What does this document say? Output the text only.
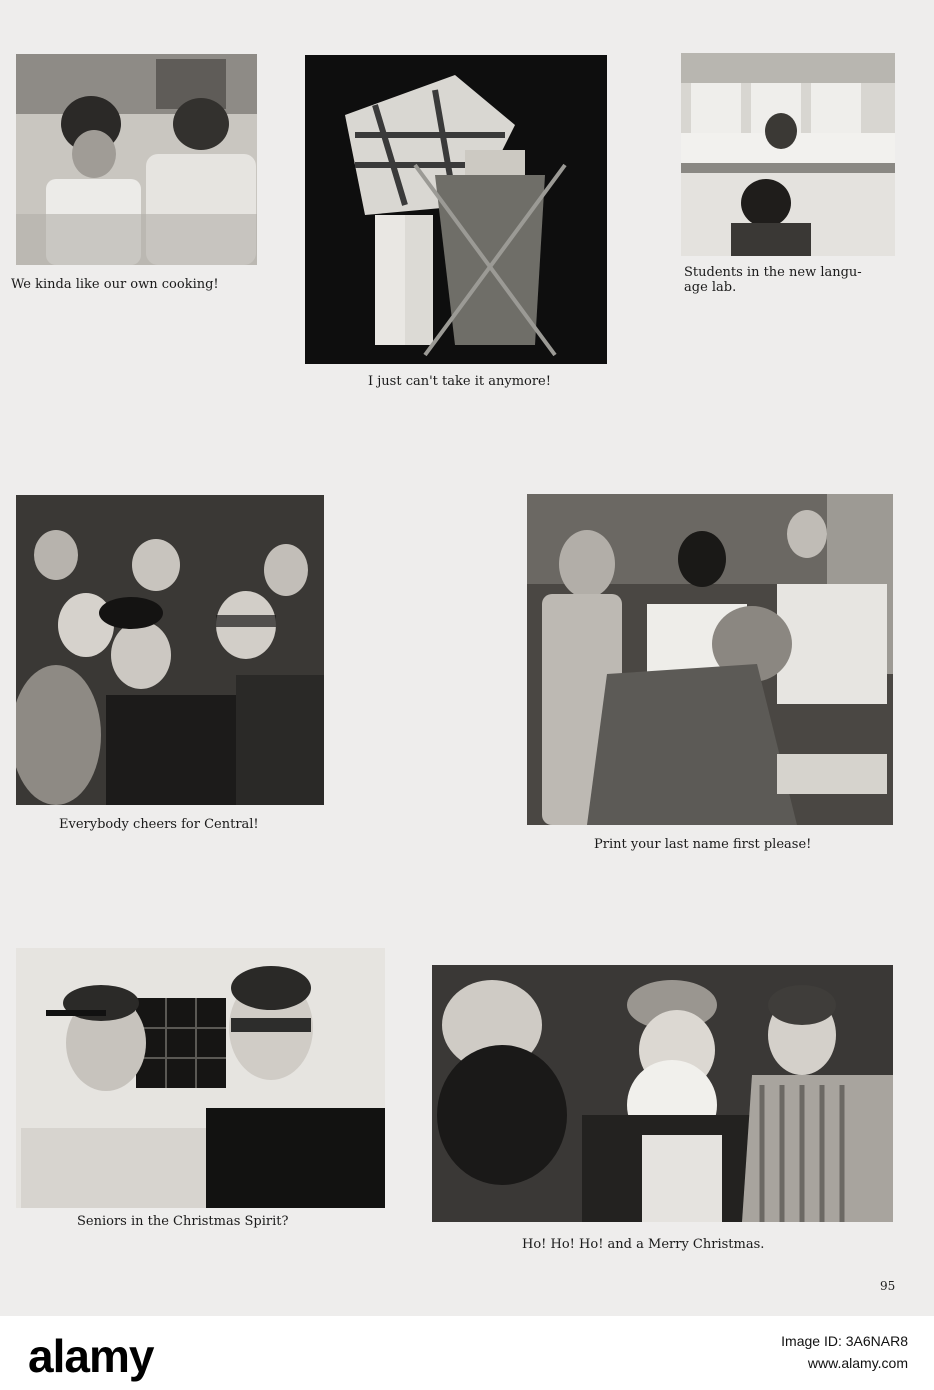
We kinda like our own cooking!
I just can't take it anymore!
Students in the new langu-
age lab.
Everybody cheers for Central!
Print your last name first please!
Seniors in the Christmas Spirit?
Ho! Ho! Ho! and a Merry Christmas.
95
alamy	Image ID: 3A6NAR8
www.alamy.com
